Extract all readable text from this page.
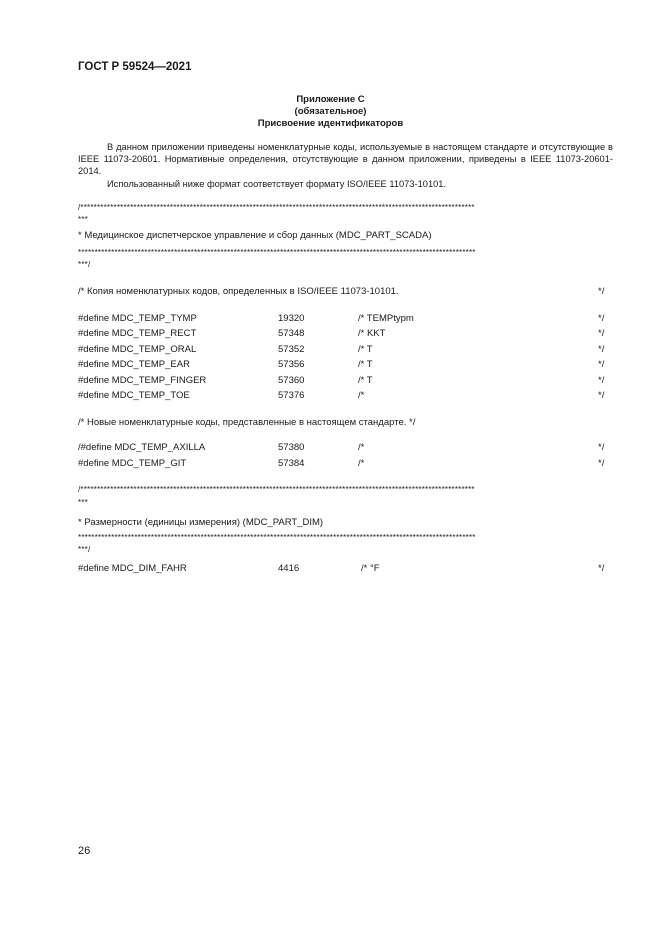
ГОСТ Р 59524—2021
Приложение С
(обязательное)
Присвоение идентификаторов
В данном приложении приведены номенклатурные коды, используемые в настоящем стандарте и отсутствующие в IEEE 11073-20601. Нормативные определения, отсутствующие в данном приложении, приведены в IEEE 11073-20601-2014.
Использованный ниже формат соответствует формату ISO/IEEE 11073-10101.
/***********************************************************************************************************************
***
* Медицинское диспетчерское управление и сбор данных (MDC_PART_SCADA)
************************************************************************************************************************
***/
/* Копия номенклатурных кодов, определенных в ISO/IEEE 11073-10101.	*/
#define MDC_TEMP_TYMP	19320	/* TEMPtypm	*/
#define MDC_TEMP_RECT	57348	/* KKT	*/
#define MDC_TEMP_ORAL	57352	/* T	*/
#define MDC_TEMP_EAR	57356	/* T	*/
#define MDC_TEMP_FINGER	57360	/* T	*/
#define MDC_TEMP_TOE	57376	/*	*/
/* Новые номенклатурные коды, представленные в настоящем стандарте. */
/#define MDC_TEMP_AXILLA	57380	/*	*/
#define MDC_TEMP_GIT	57384	/*	*/
/***********************************************************************************************************************
***
* Размерности (единицы измерения) (MDC_PART_DIM)
************************************************************************************************************************
***/
#define MDC_DIM_FAHR	4416	/* °F	*/
26
